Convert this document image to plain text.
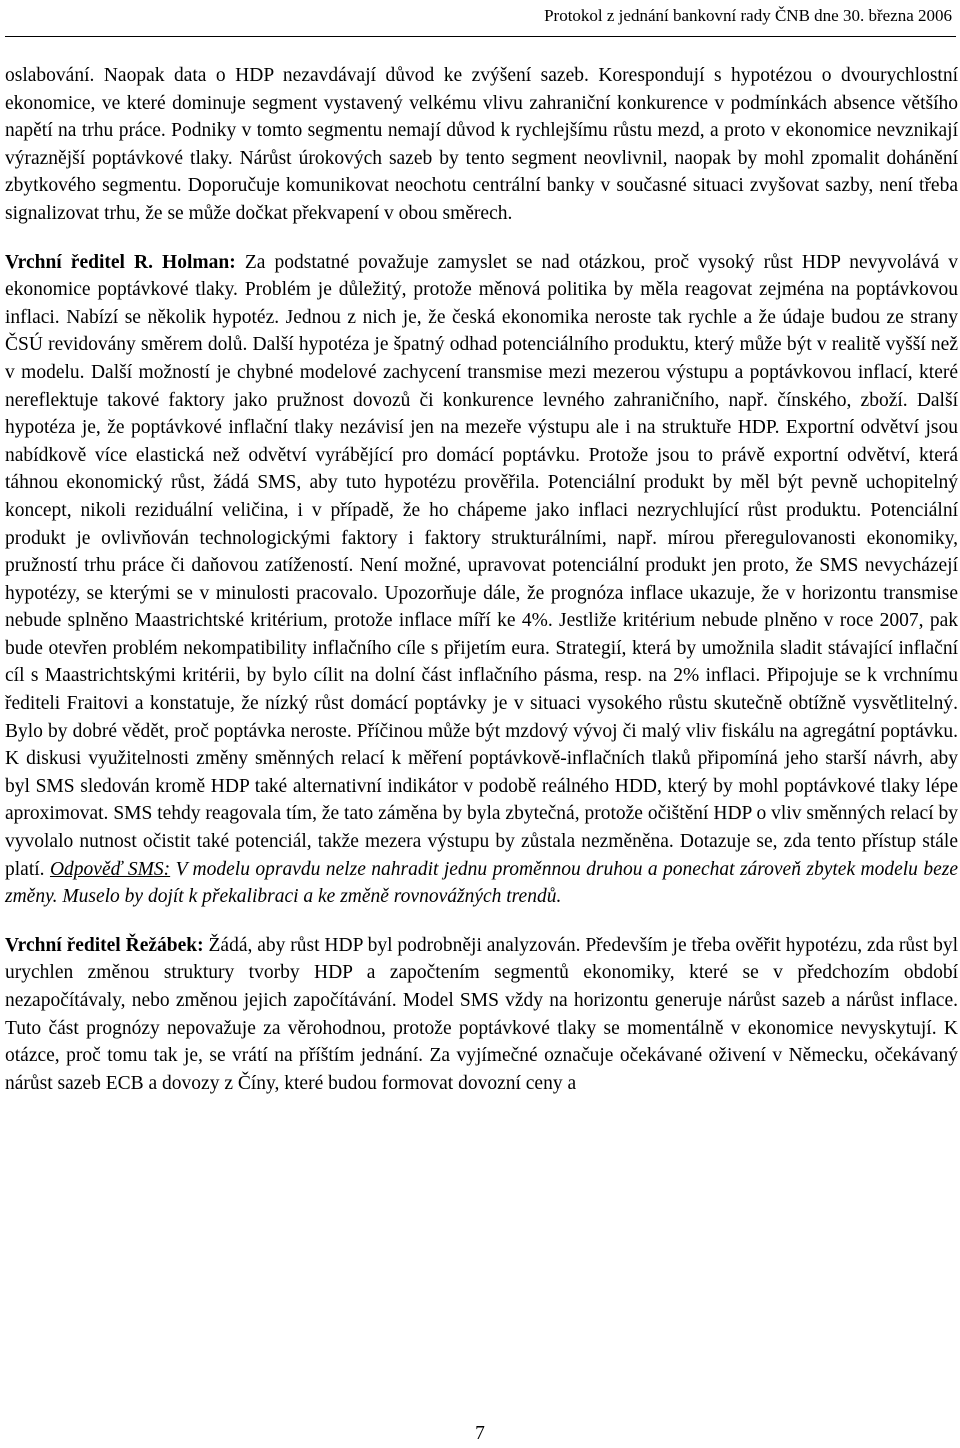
Protokol z jednání bankovní rady ČNB dne 30. března 2006

oslabování. Naopak data o HDP nezavdávají důvod ke zvýšení sazeb. Korespondují s hypotézou o dvourychlostní ekonomice, ve které dominuje segment vystavený velkému vlivu zahraniční konkurence v podmínkách absence většího napětí na trhu práce. Podniky v tomto segmentu nemají důvod k rychlejšímu růstu mezd, a proto v ekonomice nevznikají výraznější poptávkové tlaky. Nárůst úrokových sazeb by tento segment neovlivnil, naopak by mohl zpomalit dohánění zbytkového segmentu. Doporučuje komunikovat neochotu centrální banky v současné situaci zvyšovat sazby, není třeba signalizovat trhu, že se může dočkat překvapení v obou směrech.

Vrchní ředitel R. Holman: Za podstatné považuje zamyslet se nad otázkou, proč vysoký růst HDP nevyvolává v ekonomice poptávkové tlaky. Problém je důležitý, protože měnová politika by měla reagovat zejména na poptávkovou inflaci. Nabízí se několik hypotéz. Jednou z nich je, že česká ekonomika neroste tak rychle a že údaje budou ze strany ČSÚ revidovány směrem dolů. Další hypotéza je špatný odhad potenciálního produktu, který může být v realitě vyšší než v modelu. Další možností je chybné modelové zachycení transmise mezi mezerou výstupu a poptávkovou inflací, které nereflektuje takové faktory jako pružnost dovozů či konkurence levného zahraničního, např. čínského, zboží. Další hypotéza je, že poptávkové inflační tlaky nezávisí jen na mezeře výstupu ale i na struktuře HDP. Exportní odvětví jsou nabídkově více elastická než odvětví vyrábějící pro domácí poptávku. Protože jsou to právě exportní odvětví, která táhnou ekonomický růst, žádá SMS, aby tuto hypotézu prověřila. Potenciální produkt by měl být pevně uchopitelný koncept, nikoli reziduální veličina, i v případě, že ho chápeme jako inflaci nezrychlující růst produktu. Potenciální produkt je ovlivňován technologickými faktory i faktory strukturálními, např. mírou přeregulovanosti ekonomiky, pružností trhu práce či daňovou zatížeností. Není možné, upravovat potenciální produkt jen proto, že SMS nevycházejí hypotézy, se kterými se v minulosti pracovalo. Upozorňuje dále, že prognóza inflace ukazuje, že v horizontu transmise nebude splněno Maastrichtské kritérium, protože inflace míří ke 4%. Jestliže kritérium nebude plněno v roce 2007, pak bude otevřen problém nekompatibility inflačního cíle s přijetím eura. Strategií, která by umožnila sladit stávající inflační cíl s Maastrichtskými kritérii, by bylo cílit na dolní část inflačního pásma, resp. na 2% inflaci. Připojuje se k vrchnímu řediteli Fraitovi a konstatuje, že nízký růst domácí poptávky je v situaci vysokého růstu skutečně obtížně vysvětlitelný. Bylo by dobré vědět, proč poptávka neroste. Příčinou může být mzdový vývoj či malý vliv fiskálu na agregátní poptávku. K diskusi využitelnosti změny směnných relací k měření poptávkově-inflačních tlaků připomíná jeho starší návrh, aby byl SMS sledován kromě HDP také alternativní indikátor v podobě reálného HDD, který by mohl poptávkové tlaky lépe aproximovat. SMS tehdy reagovala tím, že tato záměna by byla zbytečná, protože očištění HDP o vliv směnných relací by vyvolalo nutnost očistit také potenciál, takže mezera výstupu by zůstala nezměněna. Dotazuje se, zda tento přístup stále platí. Odpověď SMS: V modelu opravdu nelze nahradit jednu proměnnou druhou a ponechat zároveň zbytek modelu beze změny. Muselo by dojít k překalibraci a ke změně rovnovážných trendů.

Vrchní ředitel Řežábek: Žádá, aby růst HDP byl podrobněji analyzován. Především je třeba ověřit hypotézu, zda růst byl urychlen změnou struktury tvorby HDP a započtením segmentů ekonomiky, které se v předchozím období nezapočítávaly, nebo změnou jejich započítávání. Model SMS vždy na horizontu generuje nárůst sazeb a nárůst inflace. Tuto část prognózy nepovažuje za věrohodnou, protože poptávkové tlaky se momentálně v ekonomice nevyskytují. K otázce, proč tomu tak je, se vrátí na příštím jednání. Za vyjímečné označuje očekávané oživení v Německu, očekávaný nárůst sazeb ECB a dovozy z Číny, které budou formovat dovozní ceny a

7
